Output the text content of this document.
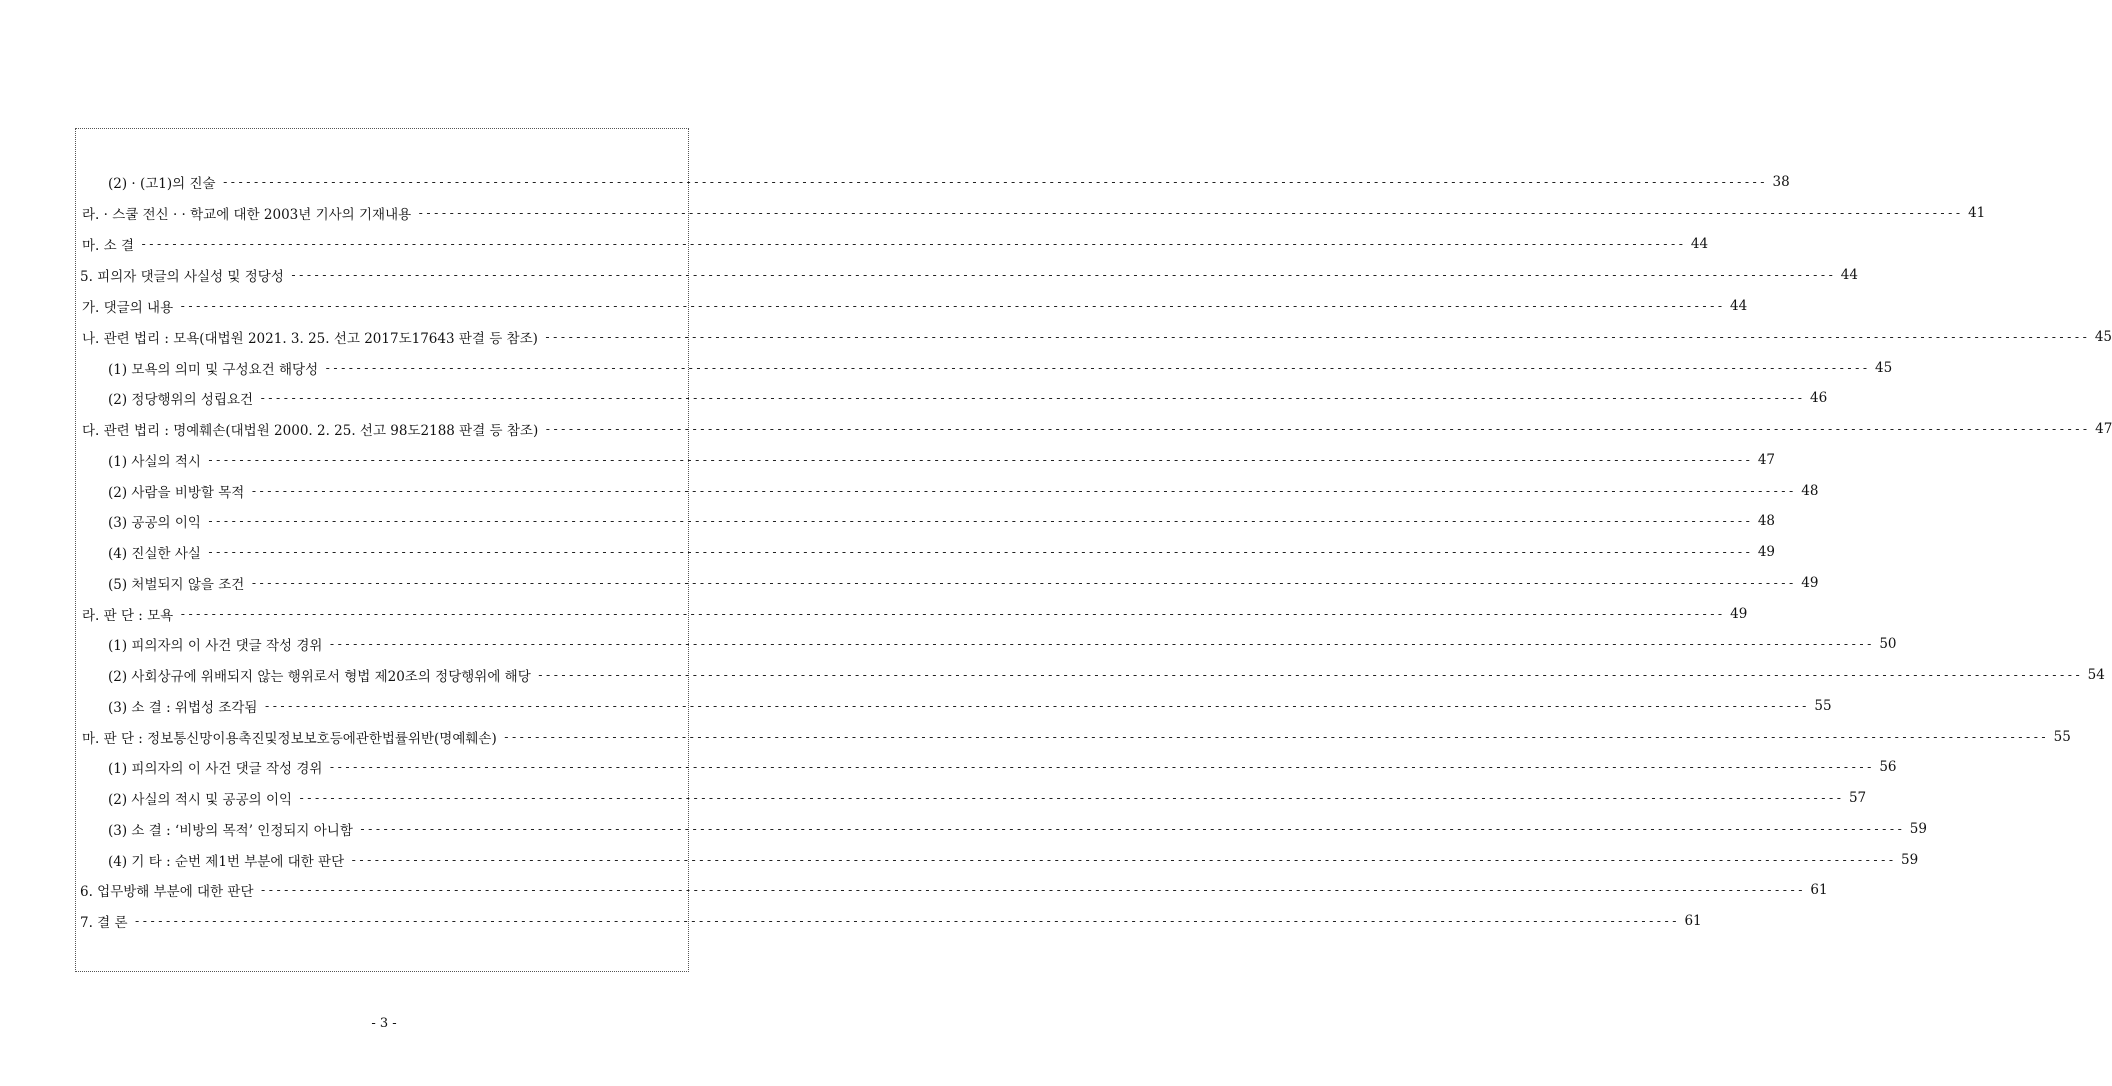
(2) · (고1)의 진술 -------------------------------------------------------------------------------------------------------------------------------------------------------------------------------------------------------- 38
라. · 스쿨 전신 · · 학교에 대한 2003년 기사의 기재내용 -------------------------------------------------------------------------------------------------------------------------------------------------------------------------------------------------------- 41
마. 소 결 -------------------------------------------------------------------------------------------------------------------------------------------------------------------------------------------------------- 44
5. 피의자 댓글의 사실성 및 정당성 -------------------------------------------------------------------------------------------------------------------------------------------------------------------------------------------------------- 44
가. 댓글의 내용 -------------------------------------------------------------------------------------------------------------------------------------------------------------------------------------------------------- 44
나. 관련 법리 : 모욕(대법원 2021. 3. 25. 선고 2017도17643 판결 등 참조) -------------------------------------------------------------------------------------------------------------------------------------------------------------------------------------------------------- 45
(1) 모욕의 의미 및 구성요건 해당성 -------------------------------------------------------------------------------------------------------------------------------------------------------------------------------------------------------- 45
(2) 정당행위의 성립요건 -------------------------------------------------------------------------------------------------------------------------------------------------------------------------------------------------------- 46
다. 관련 법리 : 명예훼손(대법원 2000. 2. 25. 선고 98도2188 판결 등 참조) -------------------------------------------------------------------------------------------------------------------------------------------------------------------------------------------------------- 47
(1) 사실의 적시 -------------------------------------------------------------------------------------------------------------------------------------------------------------------------------------------------------- 47
(2) 사람을 비방할 목적 -------------------------------------------------------------------------------------------------------------------------------------------------------------------------------------------------------- 48
(3) 공공의 이익 -------------------------------------------------------------------------------------------------------------------------------------------------------------------------------------------------------- 48
(4) 진실한 사실 -------------------------------------------------------------------------------------------------------------------------------------------------------------------------------------------------------- 49
(5) 처벌되지 않을 조건 -------------------------------------------------------------------------------------------------------------------------------------------------------------------------------------------------------- 49
라. 판 단 : 모욕 -------------------------------------------------------------------------------------------------------------------------------------------------------------------------------------------------------- 49
(1) 피의자의 이 사건 댓글 작성 경위 -------------------------------------------------------------------------------------------------------------------------------------------------------------------------------------------------------- 50
(2) 사회상규에 위배되지 않는 행위로서 형법 제20조의 정당행위에 해당 -------------------------------------------------------------------------------------------------------------------------------------------------------------------------------------------------------- 54
(3) 소 결 : 위법성 조각됨 -------------------------------------------------------------------------------------------------------------------------------------------------------------------------------------------------------- 55
마. 판 단 : 정보통신망이용촉진및정보보호등에관한법률위반(명예훼손) -------------------------------------------------------------------------------------------------------------------------------------------------------------------------------------------------------- 55
(1) 피의자의 이 사건 댓글 작성 경위 -------------------------------------------------------------------------------------------------------------------------------------------------------------------------------------------------------- 56
(2) 사실의 적시 및 공공의 이익 -------------------------------------------------------------------------------------------------------------------------------------------------------------------------------------------------------- 57
(3) 소 결 : ‘비방의 목적’ 인정되지 아니함 -------------------------------------------------------------------------------------------------------------------------------------------------------------------------------------------------------- 59
(4) 기 타 : 순번 제1번 부분에 대한 판단 -------------------------------------------------------------------------------------------------------------------------------------------------------------------------------------------------------- 59
6. 업무방해 부분에 대한 판단 -------------------------------------------------------------------------------------------------------------------------------------------------------------------------------------------------------- 61
7. 결 론 -------------------------------------------------------------------------------------------------------------------------------------------------------------------------------------------------------- 61
- 3 -
